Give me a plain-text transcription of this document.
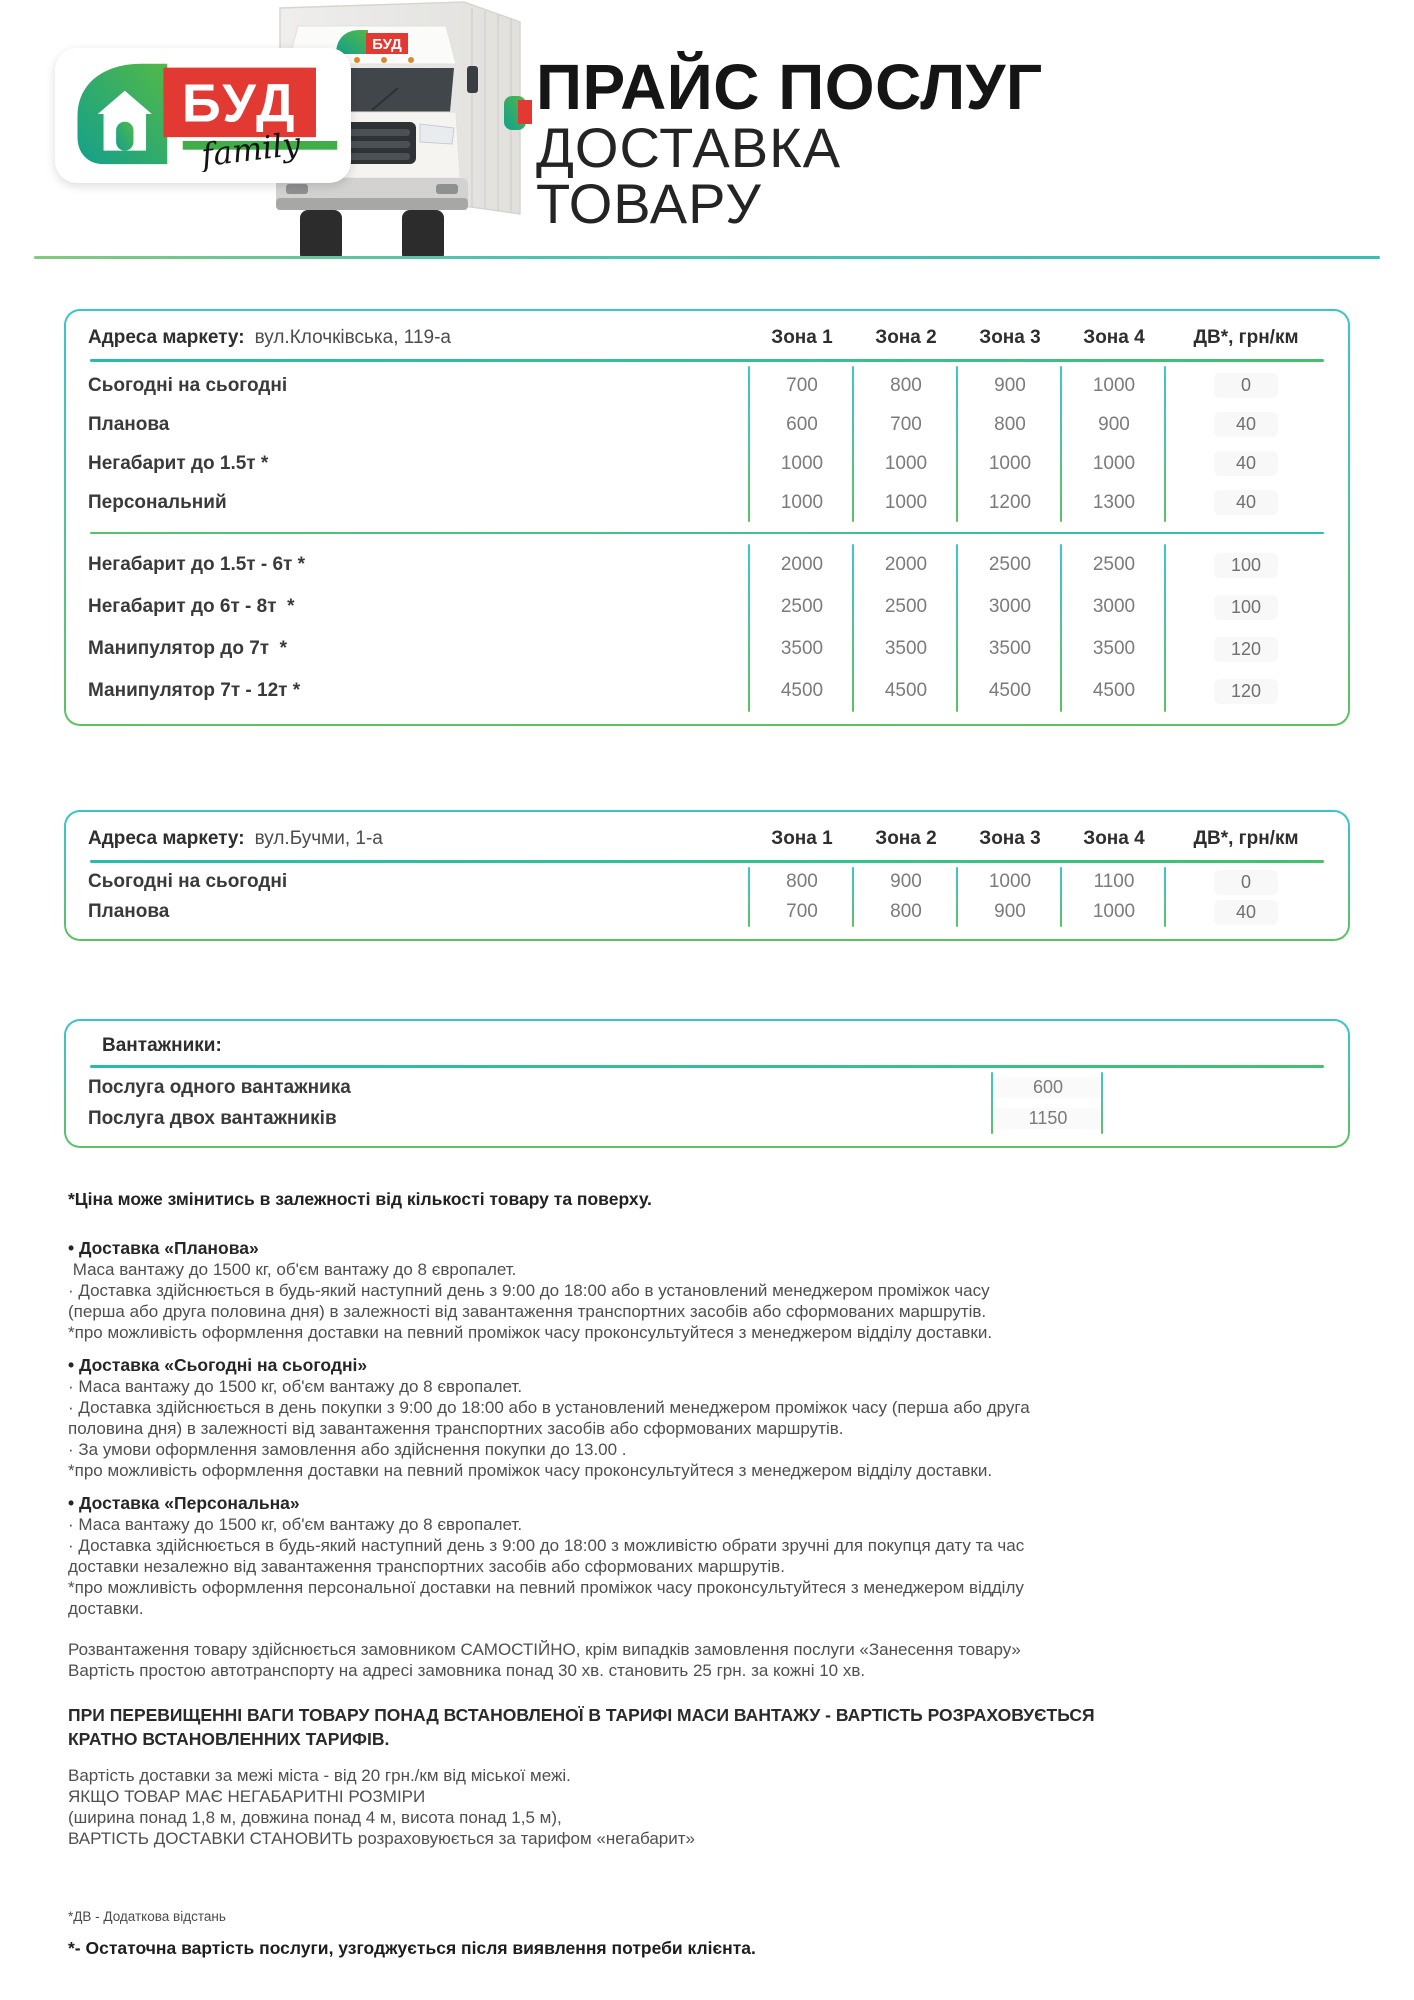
БУД
БУД
family
ПРАЙС ПОСЛУГ
ДОСТАВКА ТОВАРУ
Адреса маркету: вул.Клочківська, 119-а	Зона 1	Зона 2	Зона 3	Зона 4	ДВ*, грн/км
Сьогодні на сьогодні	700	800	900	1000	0
Планова	600	700	800	900	40
Негабарит до 1.5т *	1000	1000	1000	1000	40
Персональний	1000	1000	1200	1300	40
Негабарит до 1.5т - 6т *	2000	2000	2500	2500	100
Негабарит до 6т - 8т  *	2500	2500	3000	3000	100
Манипулятор до 7т  *	3500	3500	3500	3500	120
Манипулятор 7т - 12т *	4500	4500	4500	4500	120
Адреса маркету: вул.Бучми, 1-а	Зона 1	Зона 2	Зона 3	Зона 4	ДВ*, грн/км
Сьогодні на сьогодні	800	900	1000	1100	0
Планова	700	800	900	1000	40
Вантажники:
Послуга одного вантажника	600
Послуга двох вантажників	1150

*Ціна може змінитись в залежності від кількості товару та поверху.

• Доставка «Планова»
Маса вантажу до 1500 кг, об'єм вантажу до 8 європалет.
· Доставка здійснюється в будь-який наступний день з 9:00 до 18:00 або в установлений менеджером проміжок часу
(перша або друга половина дня) в залежності від завантаження транспортних засобів або сформованих маршрутів.
*про можливість оформлення доставки на певний проміжок часу проконсультуйтеся з менеджером відділу доставки.
• Доставка «Сьогодні на сьогодні»
· Маса вантажу до 1500 кг, об'єм вантажу до 8 європалет.
· Доставка здійснюється в день покупки з 9:00 до 18:00 або в установлений менеджером проміжок часу (перша або друга
половина дня) в залежності від завантаження транспортних засобів або сформованих маршрутів.
· За умови оформлення замовлення або здійснення покупки до 13.00 .
*про можливість оформлення доставки на певний проміжок часу проконсультуйтеся з менеджером відділу доставки.
• Доставка «Персональна»
· Маса вантажу до 1500 кг, об'єм вантажу до 8 європалет.
· Доставка здійснюється в будь-який наступний день з 9:00 до 18:00 з можливістю обрати зручні для покупця дату та час
доставки незалежно від завантаження транспортних засобів або сформованих маршрутів.
*про можливість оформлення персональної доставки на певний проміжок часу проконсультуйтеся з менеджером відділу
доставки.
Розвантаження товару здійснюється замовником САМОСТІЙНО, крім випадків замовлення послуги «Занесення товару»
Вартість простою автотранспорту на адресі замовника понад 30 хв. становить 25 грн. за кожні 10 хв.
ПРИ ПЕРЕВИЩЕННІ ВАГИ ТОВАРУ ПОНАД ВСТАНОВЛЕНОЇ В ТАРИФІ МАСИ ВАНТАЖУ - ВАРТІСТЬ РОЗРАХОВУЄТЬСЯ
КРАТНО ВСТАНОВЛЕННИХ ТАРИФІВ.
Вартість доставки за межі міста - від 20 грн./км від міської межі.
ЯКЩО ТОВАР МАЄ НЕГАБАРИТНІ РОЗМІРИ
(ширина понад 1,8 м, довжина понад 4 м, висота понад 1,5 м),
ВАРТІСТЬ ДОСТАВКИ СТАНОВИТЬ розраховуюється за тарифом «негабарит»

*ДВ - Додаткова відстань

*- Остаточна вартість послуги, узгоджується після виявлення потреби клієнта.
